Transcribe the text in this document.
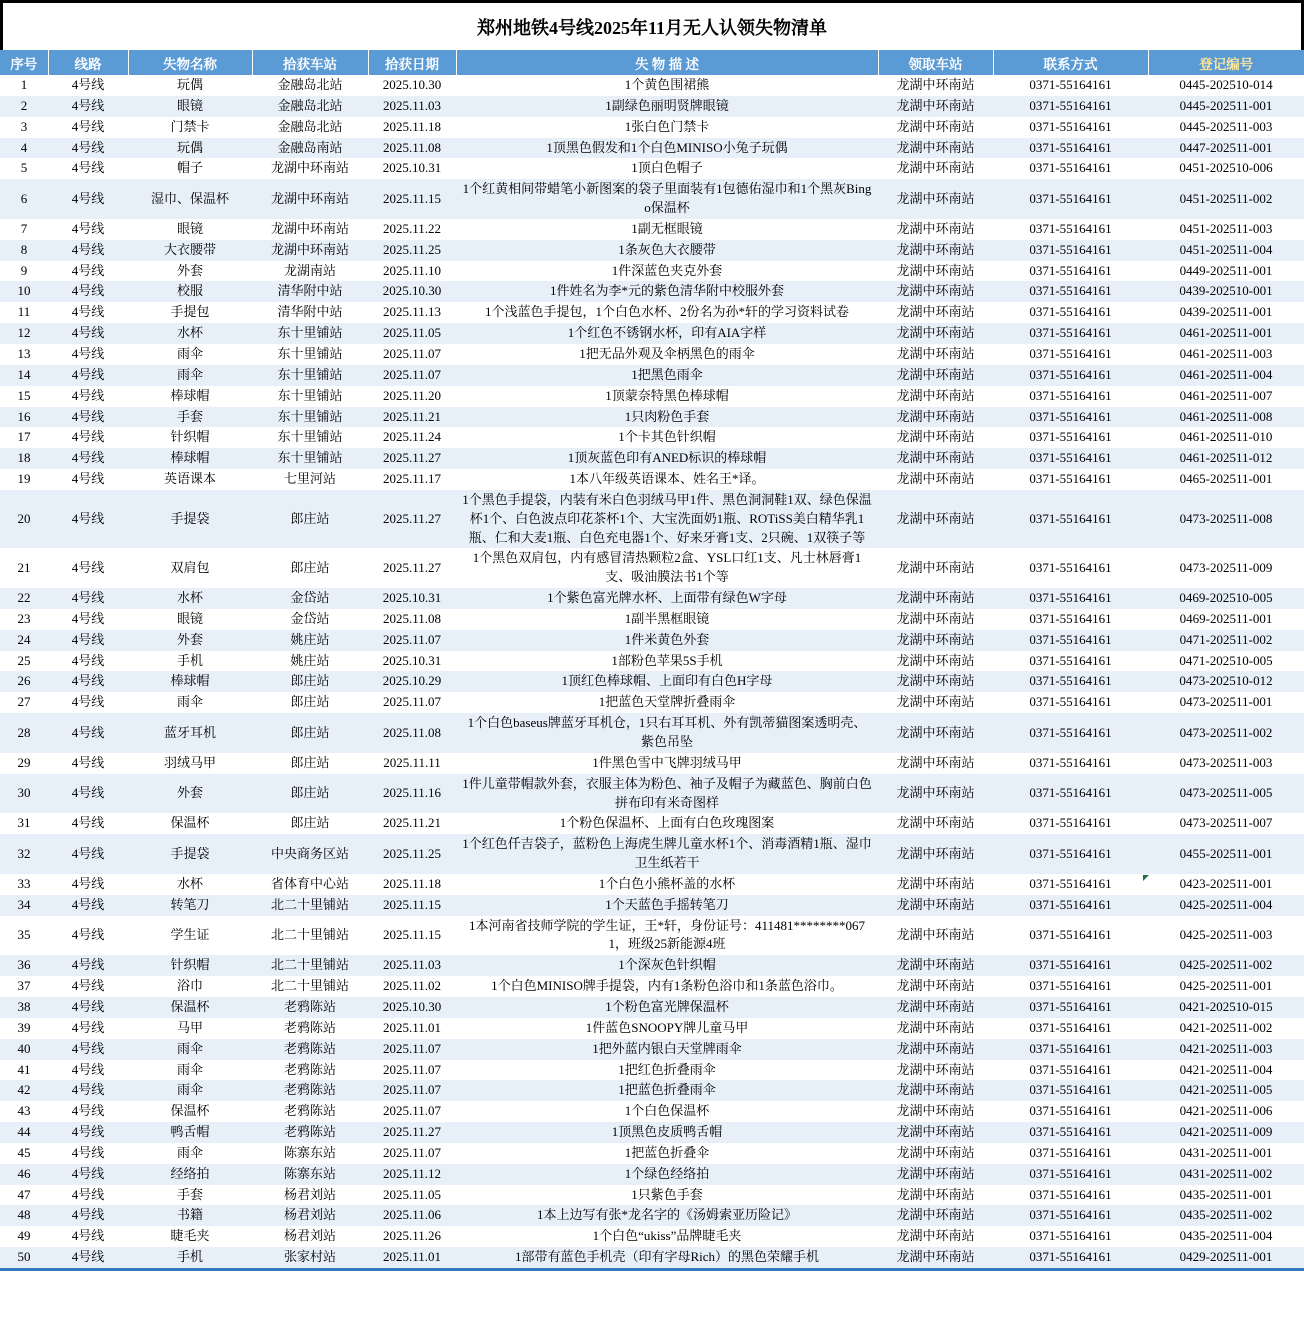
郑州地铁4号线2025年11月无人认领失物清单
序号	线路	失物名称	拾获车站	拾获日期	失 物 描 述	领取车站	联系方式	登记编号
1	4号线	玩偶	金融岛北站	2025.10.30	1个黄色围裙熊	龙湖中环南站	0371-55164161	0445-202510-014
2	4号线	眼镜	金融岛北站	2025.11.03	1副绿色丽明贤牌眼镜	龙湖中环南站	0371-55164161	0445-202511-001
3	4号线	门禁卡	金融岛北站	2025.11.18	1张白色门禁卡	龙湖中环南站	0371-55164161	0445-202511-003
4	4号线	玩偶	金融岛南站	2025.11.08	1顶黑色假发和1个白色MINISO小兔子玩偶	龙湖中环南站	0371-55164161	0447-202511-001
5	4号线	帽子	龙湖中环南站	2025.10.31	1顶白色帽子	龙湖中环南站	0371-55164161	0451-202510-006
6	4号线	湿巾、保温杯	龙湖中环南站	2025.11.15	1个红黄相间带蜡笔小新图案的袋子里面装有1包德佑湿巾和1个黑灰Bingo保温杯	龙湖中环南站	0371-55164161	0451-202511-002
7	4号线	眼镜	龙湖中环南站	2025.11.22	1副无框眼镜	龙湖中环南站	0371-55164161	0451-202511-003
8	4号线	大衣腰带	龙湖中环南站	2025.11.25	1条灰色大衣腰带	龙湖中环南站	0371-55164161	0451-202511-004
9	4号线	外套	龙湖南站	2025.11.10	1件深蓝色夹克外套	龙湖中环南站	0371-55164161	0449-202511-001
10	4号线	校服	清华附中站	2025.10.30	1件姓名为李*元的紫色清华附中校服外套	龙湖中环南站	0371-55164161	0439-202510-001
11	4号线	手提包	清华附中站	2025.11.13	1个浅蓝色手提包，1个白色水杯、2份名为孙*轩的学习资料试卷	龙湖中环南站	0371-55164161	0439-202511-001
12	4号线	水杯	东十里铺站	2025.11.05	1个红色不锈钢水杯，印有AIA字样	龙湖中环南站	0371-55164161	0461-202511-001
13	4号线	雨伞	东十里铺站	2025.11.07	1把无品外观及伞柄黑色的雨伞	龙湖中环南站	0371-55164161	0461-202511-003
14	4号线	雨伞	东十里铺站	2025.11.07	1把黑色雨伞	龙湖中环南站	0371-55164161	0461-202511-004
15	4号线	棒球帽	东十里铺站	2025.11.20	1顶蒙奈特黑色棒球帽	龙湖中环南站	0371-55164161	0461-202511-007
16	4号线	手套	东十里铺站	2025.11.21	1只肉粉色手套	龙湖中环南站	0371-55164161	0461-202511-008
17	4号线	针织帽	东十里铺站	2025.11.24	1个卡其色针织帽	龙湖中环南站	0371-55164161	0461-202511-010
18	4号线	棒球帽	东十里铺站	2025.11.27	1顶灰蓝色印有ANED标识的棒球帽	龙湖中环南站	0371-55164161	0461-202511-012
19	4号线	英语课本	七里河站	2025.11.17	1本八年级英语课本、姓名王*译。	龙湖中环南站	0371-55164161	0465-202511-001
20	4号线	手提袋	郎庄站	2025.11.27	1个黑色手提袋，内装有米白色羽绒马甲1件、黑色洞洞鞋1双、绿色保温杯1个、白色波点印花茶杯1个、大宝洗面奶1瓶、ROTiSS美白精华乳1瓶、仁和大麦1瓶、白色充电器1个、好来牙膏1支、2只碗、1双筷子等	龙湖中环南站	0371-55164161	0473-202511-008
21	4号线	双肩包	郎庄站	2025.11.27	1个黑色双肩包，内有感冒清热颗粒2盒、YSL口红1支、凡士林唇膏1支、吸油膜法书1个等	龙湖中环南站	0371-55164161	0473-202511-009
22	4号线	水杯	金岱站	2025.10.31	1个紫色富光牌水杯、上面带有绿色W字母	龙湖中环南站	0371-55164161	0469-202510-005
23	4号线	眼镜	金岱站	2025.11.08	1副半黑框眼镜	龙湖中环南站	0371-55164161	0469-202511-001
24	4号线	外套	姚庄站	2025.11.07	1件米黄色外套	龙湖中环南站	0371-55164161	0471-202511-002
25	4号线	手机	姚庄站	2025.10.31	1部粉色苹果5S手机	龙湖中环南站	0371-55164161	0471-202510-005
26	4号线	棒球帽	郎庄站	2025.10.29	1顶红色棒球帽、上面印有白色H字母	龙湖中环南站	0371-55164161	0473-202510-012
27	4号线	雨伞	郎庄站	2025.11.07	1把蓝色天堂牌折叠雨伞	龙湖中环南站	0371-55164161	0473-202511-001
28	4号线	蓝牙耳机	郎庄站	2025.11.08	1个白色baseus牌蓝牙耳机仓，1只右耳耳机、外有凯蒂猫图案透明壳、紫色吊坠	龙湖中环南站	0371-55164161	0473-202511-002
29	4号线	羽绒马甲	郎庄站	2025.11.11	1件黑色雪中飞牌羽绒马甲	龙湖中环南站	0371-55164161	0473-202511-003
30	4号线	外套	郎庄站	2025.11.16	1件儿童带帽款外套，衣服主体为粉色、袖子及帽子为藏蓝色、胸前白色拼布印有米奇图样	龙湖中环南站	0371-55164161	0473-202511-005
31	4号线	保温杯	郎庄站	2025.11.21	1个粉色保温杯、上面有白色玫瑰图案	龙湖中环南站	0371-55164161	0473-202511-007
32	4号线	手提袋	中央商务区站	2025.11.25	1个红色仟吉袋子，蓝粉色上海虎生牌儿童水杯1个、消毒酒精1瓶、湿巾卫生纸若干	龙湖中环南站	0371-55164161	0455-202511-001
33	4号线	水杯	省体育中心站	2025.11.18	1个白色小熊杯盖的水杯	龙湖中环南站	0371-55164161	0423-202511-001

34	4号线	转笔刀	北二十里铺站	2025.11.15	1个天蓝色手摇转笔刀	龙湖中环南站	0371-55164161	0425-202511-004
35	4号线	学生证	北二十里铺站	2025.11.15	1本河南省技师学院的学生证，王*轩，身份证号：411481********0671，班级25新能源4班	龙湖中环南站	0371-55164161	0425-202511-003
36	4号线	针织帽	北二十里铺站	2025.11.03	1个深灰色针织帽	龙湖中环南站	0371-55164161	0425-202511-002
37	4号线	浴巾	北二十里铺站	2025.11.02	1个白色MINISO牌手提袋，内有1条粉色浴巾和1条蓝色浴巾。	龙湖中环南站	0371-55164161	0425-202511-001
38	4号线	保温杯	老鸦陈站	2025.10.30	1个粉色富光牌保温杯	龙湖中环南站	0371-55164161	0421-202510-015
39	4号线	马甲	老鸦陈站	2025.11.01	1件蓝色SNOOPY牌儿童马甲	龙湖中环南站	0371-55164161	0421-202511-002
40	4号线	雨伞	老鸦陈站	2025.11.07	1把外蓝内银白天堂牌雨伞	龙湖中环南站	0371-55164161	0421-202511-003
41	4号线	雨伞	老鸦陈站	2025.11.07	1把红色折叠雨伞	龙湖中环南站	0371-55164161	0421-202511-004
42	4号线	雨伞	老鸦陈站	2025.11.07	1把蓝色折叠雨伞	龙湖中环南站	0371-55164161	0421-202511-005
43	4号线	保温杯	老鸦陈站	2025.11.07	1个白色保温杯	龙湖中环南站	0371-55164161	0421-202511-006
44	4号线	鸭舌帽	老鸦陈站	2025.11.27	1顶黑色皮质鸭舌帽	龙湖中环南站	0371-55164161	0421-202511-009
45	4号线	雨伞	陈寨东站	2025.11.07	1把蓝色折叠伞	龙湖中环南站	0371-55164161	0431-202511-001
46	4号线	经络拍	陈寨东站	2025.11.12	1个绿色经络拍	龙湖中环南站	0371-55164161	0431-202511-002
47	4号线	手套	杨君刘站	2025.11.05	1只紫色手套	龙湖中环南站	0371-55164161	0435-202511-001
48	4号线	书籍	杨君刘站	2025.11.06	1本上边写有张*龙名字的《汤姆索亚历险记》	龙湖中环南站	0371-55164161	0435-202511-002
49	4号线	睫毛夹	杨君刘站	2025.11.26	1个白色“ukiss”品牌睫毛夹	龙湖中环南站	0371-55164161	0435-202511-004
50	4号线	手机	张家村站	2025.11.01	1部带有蓝色手机壳（印有字母Rich）的黑色荣耀手机	龙湖中环南站	0371-55164161	0429-202511-001
